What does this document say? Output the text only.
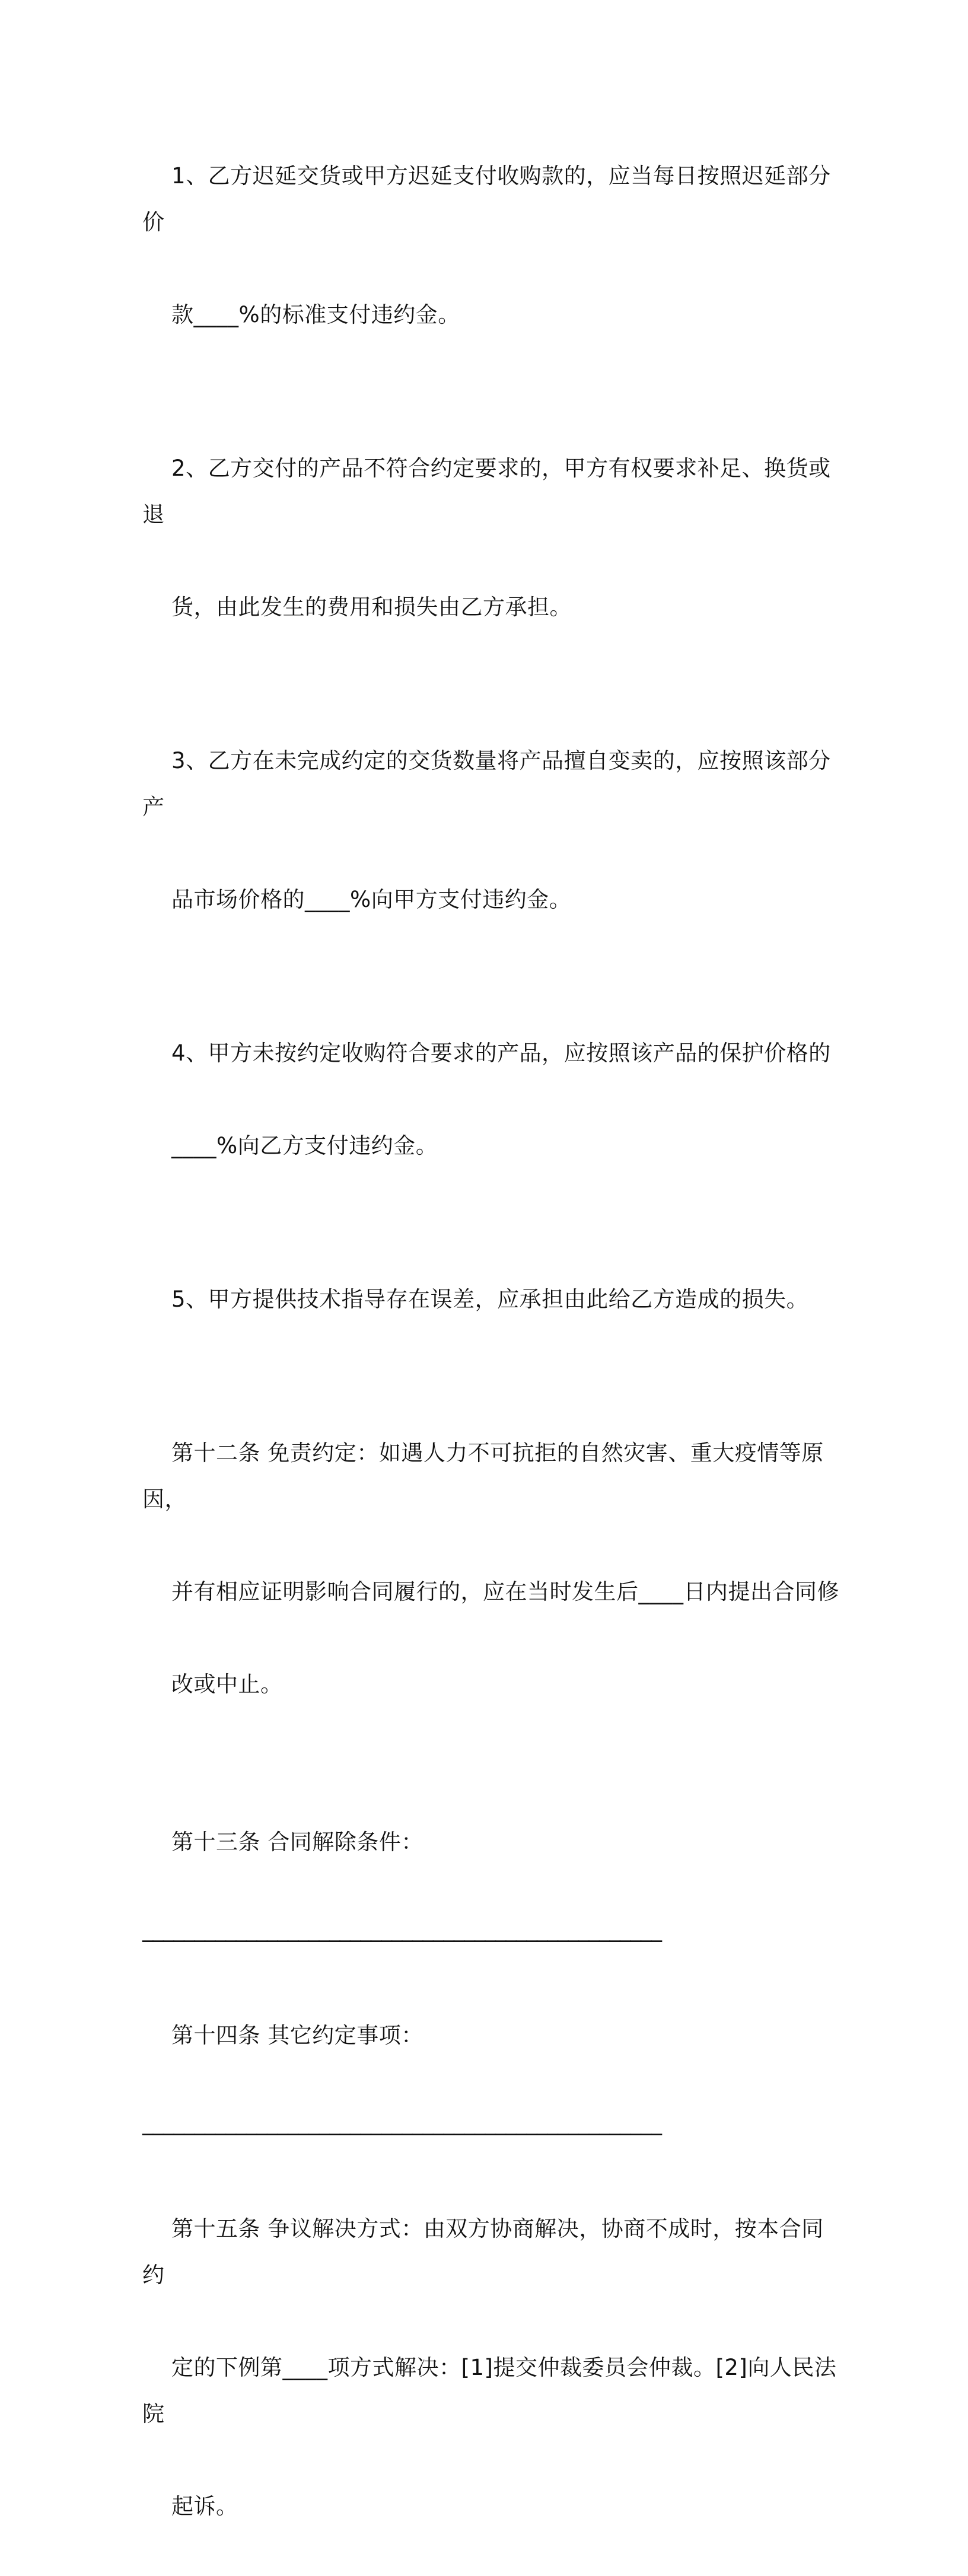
1、乙方迟延交货或甲方迟延支付收购款的，应当每日按照迟延部分价

款____%的标准支付违约金。

2、乙方交付的产品不符合约定要求的，甲方有权要求补足、换货或退

货，由此发生的费用和损失由乙方承担。

3、乙方在未完成约定的交货数量将产品擅自变卖的，应按照该部分产

品市场价格的____%向甲方支付违约金。

4、甲方未按约定收购符合要求的产品，应按照该产品的保护价格的

____%向乙方支付违约金。

5、甲方提供技术指导存在误差，应承担由此给乙方造成的损失。

第十二条 免责约定：如遇人力不可抗拒的自然灾害、重大疫情等原因，

并有相应证明影响合同履行的，应在当时发生后____日内提出合同修

改或中止。

第十三条 合同解除条件：

__________________________________________________

第十四条 其它约定事项：

__________________________________________________

第十五条 争议解决方式：由双方协商解决，协商不成时，按本合同约

定的下例第____项方式解决：[1]提交仲裁委员会仲裁。[2]向人民法院

起诉。
